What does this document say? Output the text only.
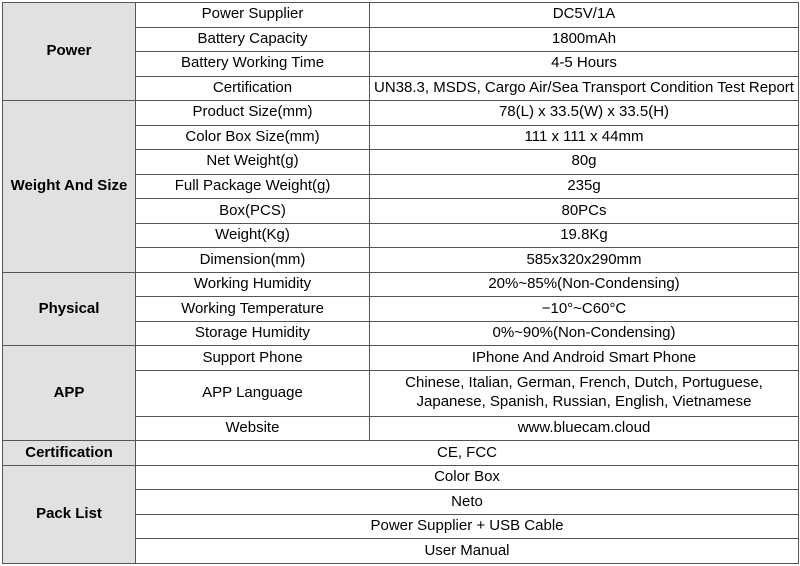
Power	Power Supplier	DC5V/1A
	Battery Capacity	1800mAh
	Battery Working Time	4-5 Hours
	Certification	UN38.3, MSDS, Cargo Air/Sea Transport Condition Test Report
Weight And Size	Product Size(mm)	78(L) x 33.5(W) x 33.5(H)
	Color Box Size(mm)	111 x 111 x 44mm
	Net Weight(g)	80g
	Full Package Weight(g)	235g
	Box(PCS)	80PCs
	Weight(Kg)	19.8Kg
	Dimension(mm)	585x320x290mm
Physical	Working Humidity	20%~85%(Non-Condensing)
	Working Temperature	−10°~C60°C
	Storage Humidity	0%~90%(Non-Condensing)
APP	Support Phone	IPhone And Android Smart Phone
	APP Language	Chinese, Italian, German, French, Dutch, Portuguese,
Japanese, Spanish, Russian, English, Vietnamese
	Website	www.bluecam.cloud
Certification	CE, FCC	
Pack List	Color Box	
	Neto	
	Power Supplier + USB Cable	
	User Manual	
